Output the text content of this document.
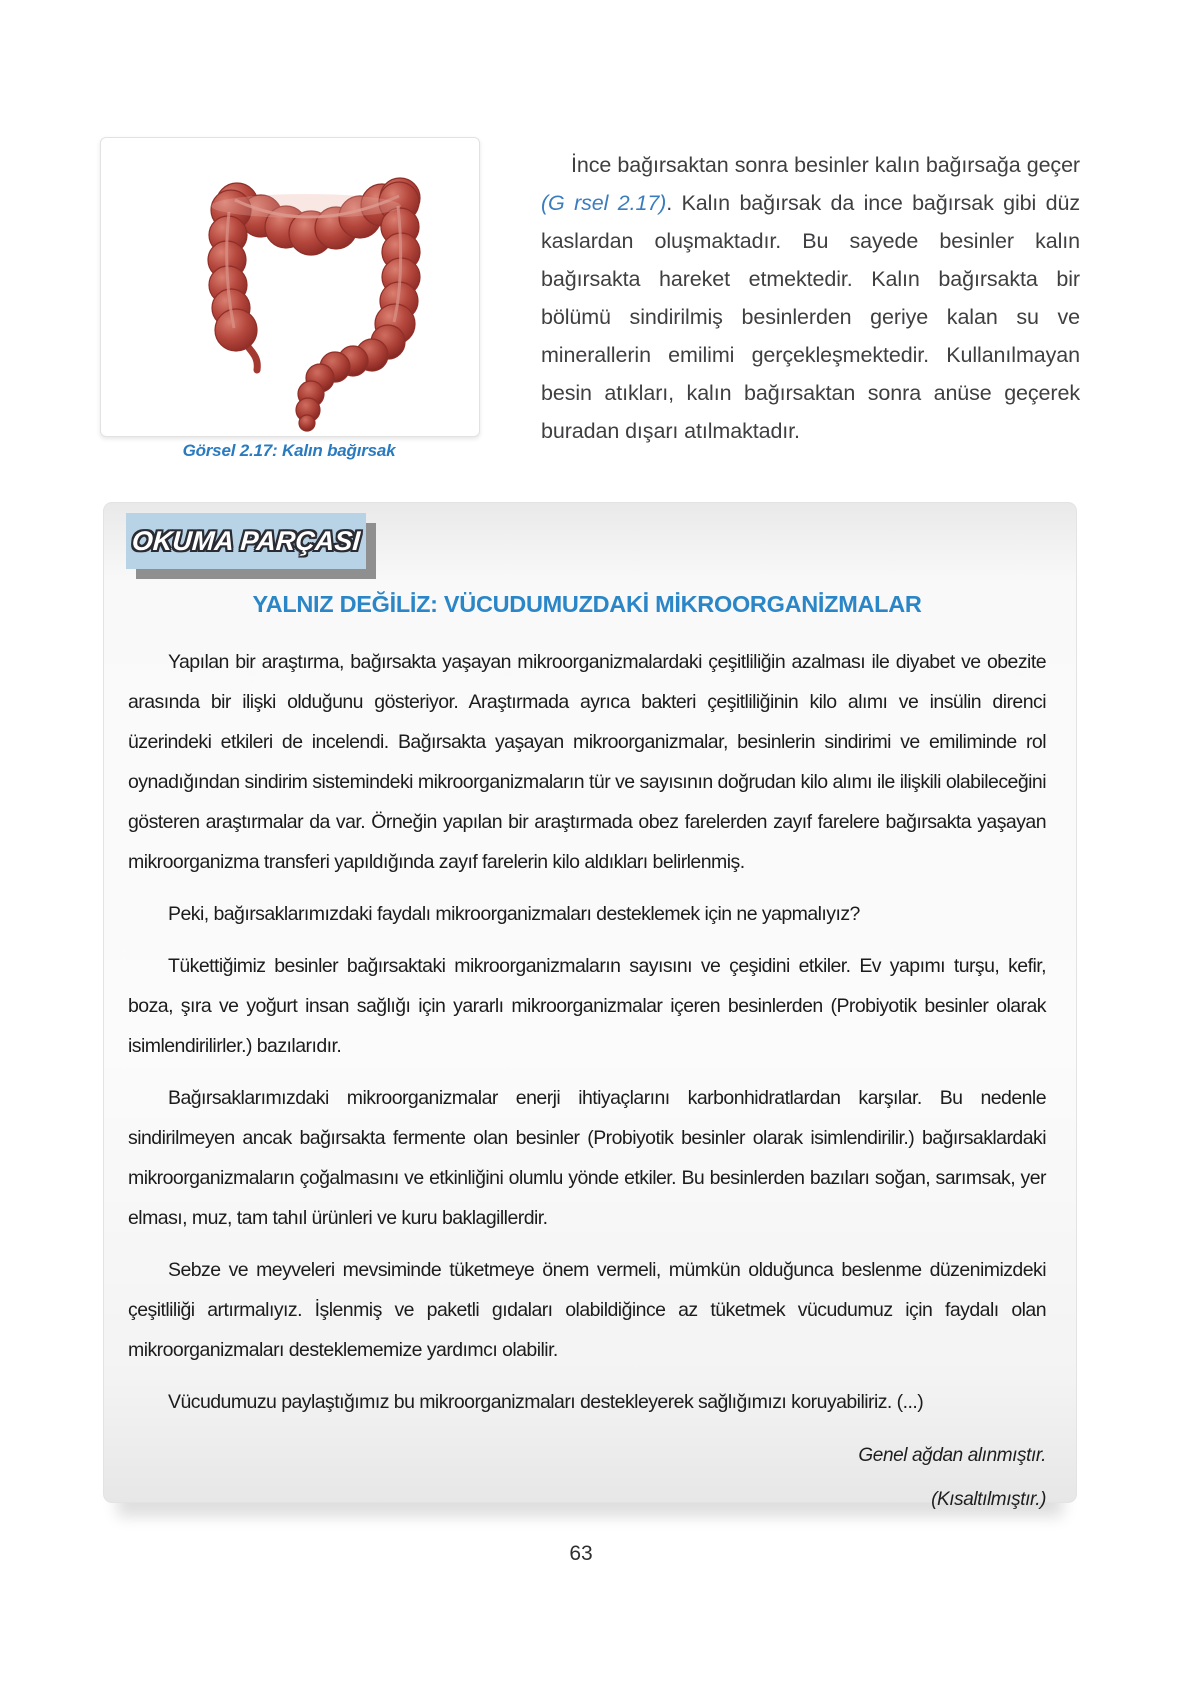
Görsel 2.17: Kalın bağırsak
İnce bağırsaktan sonra besinler kalın bağırsağa geçer (G rsel 2.17). Kalın bağırsak da ince bağırsak gibi düz kaslardan oluşmaktadır. Bu sayede besinler kalın bağırsakta hareket etmektedir. Kalın bağırsakta bir bölümü sindirilmiş besinlerden geriye kalan su ve minerallerin emilimi gerçekleşmektedir. Kullanılmayan besin atıkları, kalın bağırsaktan sonra anüse geçerek buradan dışarı atılmaktadır.
OKUMA PARÇASI
YALNIZ DEĞİLİZ: VÜCUDUMUZDAKİ MİKROORGANİZMALAR

Yapılan bir araştırma, bağırsakta yaşayan mikroorganizmalardaki çeşitliliğin azalması ile diyabet ve obezite arasında bir ilişki olduğunu gösteriyor. Araştırmada ayrıca bakteri çeşitliliğinin kilo alımı ve insülin direnci üzerindeki etkileri de incelendi. Bağırsakta yaşayan mikroorganizmalar, besinlerin sindirimi ve emiliminde rol oynadığından sindirim sistemindeki mikroorganizmaların tür ve sayısının doğrudan kilo alımı ile ilişkili olabileceğini gösteren araştırmalar da var. Örneğin yapılan bir araştırmada obez farelerden zayıf farelere bağırsakta yaşayan mikroorganizma transferi yapıldığında zayıf farelerin kilo aldıkları belirlenmiş.

Peki, bağırsaklarımızdaki faydalı mikroorganizmaları desteklemek için ne yapmalıyız?

Tükettiğimiz besinler bağırsaktaki mikroorganizmaların sayısını ve çeşidini etkiler. Ev yapımı turşu, kefir, boza, şıra ve yoğurt insan sağlığı için yararlı mikroorganizmalar içeren besinlerden (Probiyotik besinler olarak isimlendirilirler.) bazılarıdır.

Bağırsaklarımızdaki mikroorganizmalar enerji ihtiyaçlarını karbonhidratlardan karşılar. Bu nedenle sindirilmeyen ancak bağırsakta fermente olan besinler (Probiyotik besinler olarak isimlendirilir.) bağırsaklardaki mikroorganizmaların çoğalmasını ve etkinliğini olumlu yönde etkiler. Bu besinlerden bazıları soğan, sarımsak, yer elması, muz, tam tahıl ürünleri ve kuru baklagillerdir.

Sebze ve meyveleri mevsiminde tüketmeye önem vermeli, mümkün olduğunca beslenme düzenimizdeki çeşitliliği artırmalıyız. İşlenmiş ve paketli gıdaları olabildiğince az tüketmek vücudumuz için faydalı olan mikroorganizmaları desteklememize yardımcı olabilir.

Vücudumuzu paylaştığımız bu mikroorganizmaları destekleyerek sağlığımızı koruyabiliriz. (...)

Genel ağdan alınmıştır.
(Kısaltılmıştır.)
63
